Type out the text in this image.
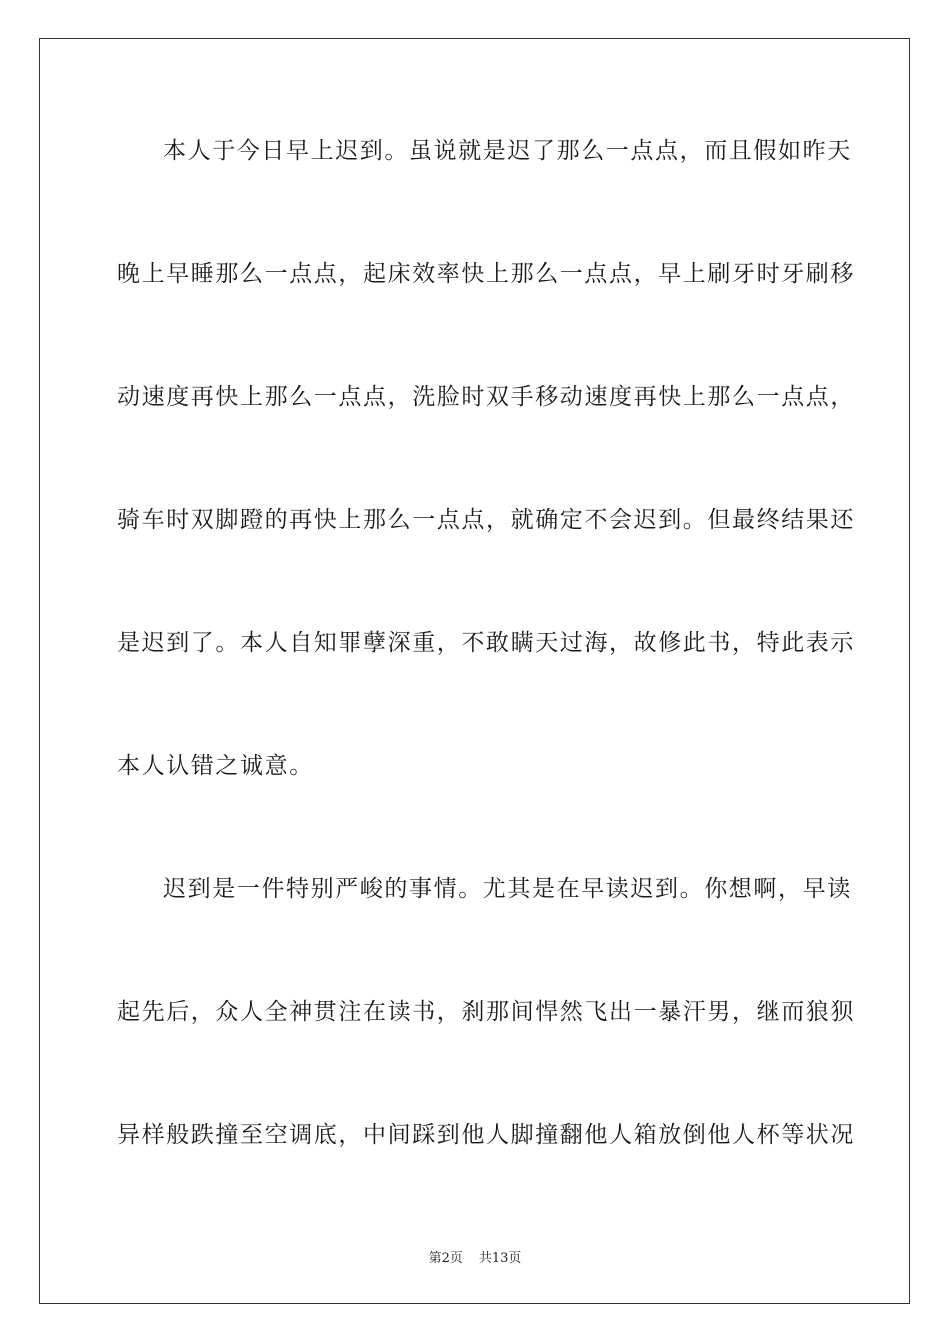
本人于今日早上迟到。虽说就是迟了那么一点点，而且假如昨天
晚上早睡那么一点点，起床效率快上那么一点点，早上刷牙时牙刷移
动速度再快上那么一点点，洗脸时双手移动速度再快上那么一点点，
骑车时双脚蹬的再快上那么一点点，就确定不会迟到。但最终结果还
是迟到了。本人自知罪孽深重，不敢瞒天过海，故修此书，特此表示
本人认错之诚意。
迟到是一件特别严峻的事情。尤其是在早读迟到。你想啊，早读
起先后，众人全神贯注在读书，刹那间悍然飞出一暴汗男，继而狼狈
异样般跌撞至空调底，中间踩到他人脚撞翻他人箱放倒他人杯等状况
第2页 共13页
